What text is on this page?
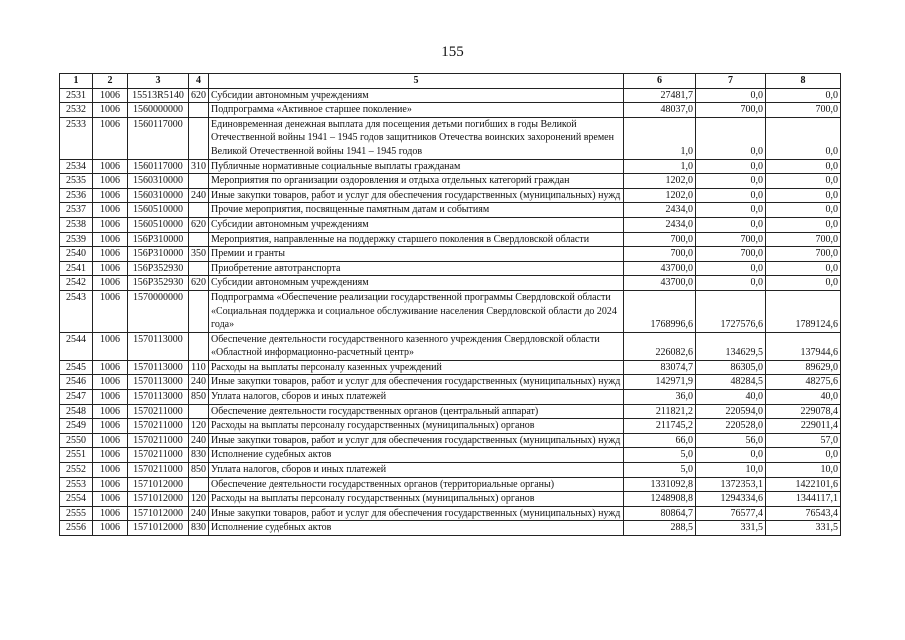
155
1	2	3	4	5	6	7	8
2531	1006	15513R5140	620	Субсидии автономным учреждениям	27481,7	0,0	0,0
2532	1006	1560000000		Подпрограмма «Активное старшее поколение»	48037,0	700,0	700,0
2533	1006	1560117000		Единовременная денежная выплата для посещения детьми погибших в годы Великой Отечественной войны 1941 – 1945 годов защитников Отечества воинских захоронений времен Великой Отечественной войны 1941 – 1945 годов	1,0	0,0	0,0
2534	1006	1560117000	310	Публичные нормативные социальные выплаты гражданам	1,0	0,0	0,0
2535	1006	1560310000		Мероприятия по организации оздоровления и отдыха отдельных категорий граждан	1202,0	0,0	0,0
2536	1006	1560310000	240	Иные закупки товаров, работ и услуг для обеспечения государственных (муниципальных) нужд	1202,0	0,0	0,0
2537	1006	1560510000		Прочие мероприятия, посвященные памятным датам и событиям	2434,0	0,0	0,0
2538	1006	1560510000	620	Субсидии автономным учреждениям	2434,0	0,0	0,0
2539	1006	156P310000		Мероприятия, направленные на поддержку старшего поколения в Свердловской области	700,0	700,0	700,0
2540	1006	156P310000	350	Премии и гранты	700,0	700,0	700,0
2541	1006	156P352930		Приобретение автотранспорта	43700,0	0,0	0,0
2542	1006	156P352930	620	Субсидии автономным учреждениям	43700,0	0,0	0,0
2543	1006	1570000000		Подпрограмма «Обеспечение реализации государственной программы Свердловской области «Социальная поддержка и социальное обслуживание населения Свердловской области до 2024 года»	1768996,6	1727576,6	1789124,6
2544	1006	1570113000		Обеспечение деятельности государственного казенного учреждения Свердловской области «Областной информационно-расчетный центр»	226082,6	134629,5	137944,6
2545	1006	1570113000	110	Расходы на выплаты персоналу казенных учреждений	83074,7	86305,0	89629,0
2546	1006	1570113000	240	Иные закупки товаров, работ и услуг для обеспечения государственных (муниципальных) нужд	142971,9	48284,5	48275,6
2547	1006	1570113000	850	Уплата налогов, сборов и иных платежей	36,0	40,0	40,0
2548	1006	1570211000		Обеспечение деятельности государственных органов (центральный аппарат)	211821,2	220594,0	229078,4
2549	1006	1570211000	120	Расходы на выплаты персоналу государственных (муниципальных) органов	211745,2	220528,0	229011,4
2550	1006	1570211000	240	Иные закупки товаров, работ и услуг для обеспечения государственных (муниципальных) нужд	66,0	56,0	57,0
2551	1006	1570211000	830	Исполнение судебных актов	5,0	0,0	0,0
2552	1006	1570211000	850	Уплата налогов, сборов и иных платежей	5,0	10,0	10,0
2553	1006	1571012000		Обеспечение деятельности государственных органов (территориальные органы)	1331092,8	1372353,1	1422101,6
2554	1006	1571012000	120	Расходы на выплаты персоналу государственных (муниципальных) органов	1248908,8	1294334,6	1344117,1
2555	1006	1571012000	240	Иные закупки товаров, работ и услуг для обеспечения государственных (муниципальных) нужд	80864,7	76577,4	76543,4
2556	1006	1571012000	830	Исполнение судебных актов	288,5	331,5	331,5
